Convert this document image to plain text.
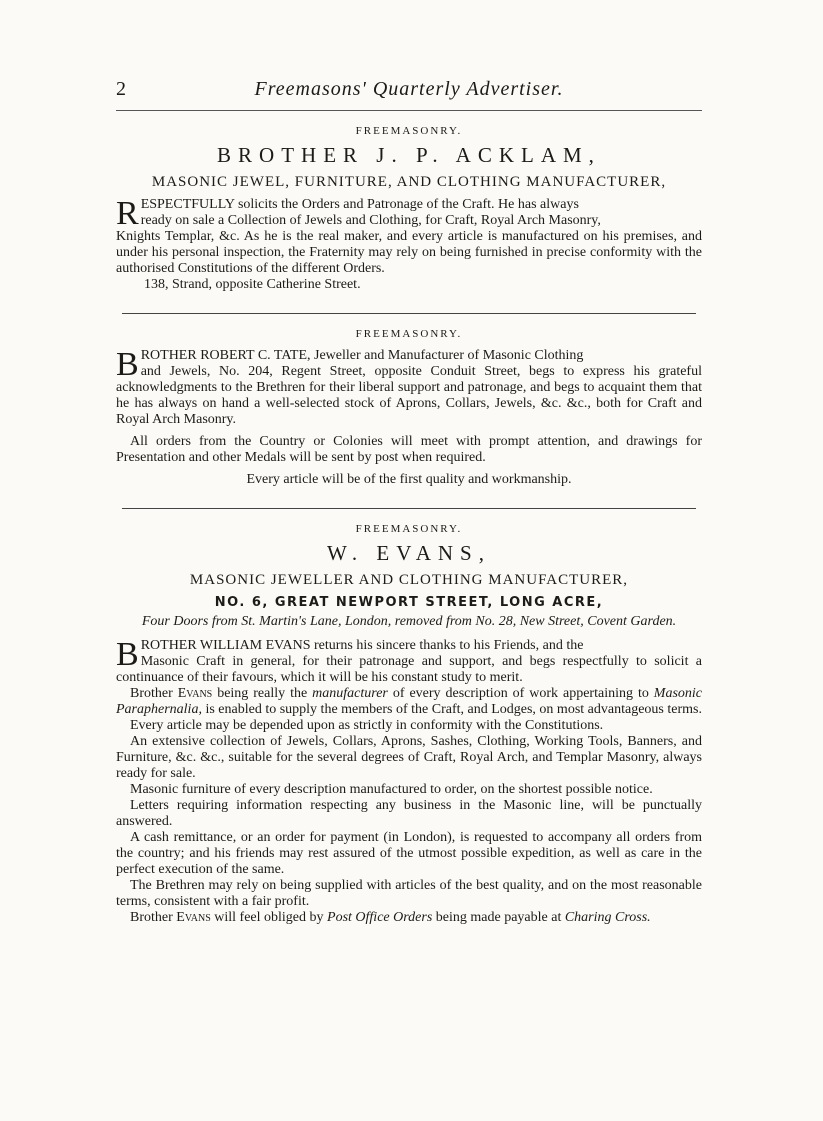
2	Freemasons' Quarterly Advertiser.
FREEMASONRY.
BROTHER J. P. ACKLAM,
MASONIC JEWEL, FURNITURE, AND CLOTHING MANUFACTURER,
R ESPECTFULLY solicits the Orders and Patronage of the Craft. He has always

ready on sale a Collection of Jewels and Clothing, for Craft, Royal Arch Masonry,

Knights Templar, &c. As he is the real maker, and every article is manufactured on his premises, and under his personal inspection, the Fraternity may rely on being furnished in precise conformity with the authorised Constitutions of the different Orders.

138, Strand, opposite Catherine Street.

FREEMASONRY.
B ROTHER ROBERT C. TATE, Jeweller and Manufacturer of Masonic Clothing

and Jewels, No. 204, Regent Street, opposite Conduit Street, begs to express his grateful acknowledgments to the Brethren for their liberal support and patronage, and begs to acquaint them that he has always on hand a well-selected stock of Aprons, Collars, Jewels, &c. &c., both for Craft and Royal Arch Masonry.

All orders from the Country or Colonies will meet with prompt attention, and drawings for Presentation and other Medals will be sent by post when required.

Every article will be of the first quality and workmanship.

FREEMASONRY.
W. EVANS,
MASONIC JEWELLER AND CLOTHING MANUFACTURER,
NO. 6, GREAT NEWPORT STREET, LONG ACRE,

Four Doors from St. Martin's Lane, London, removed from No. 28, New Street, Covent Garden.

B ROTHER WILLIAM EVANS returns his sincere thanks to his Friends, and the

Masonic Craft in general, for their patronage and support, and begs respectfully to solicit a continuance of their favours, which it will be his constant study to merit.

Brother Evans being really the manufacturer of every description of work appertaining to Masonic Paraphernalia, is enabled to supply the members of the Craft, and Lodges, on most advantageous terms.

Every article may be depended upon as strictly in conformity with the Constitutions.

An extensive collection of Jewels, Collars, Aprons, Sashes, Clothing, Working Tools, Banners, and Furniture, &c. &c., suitable for the several degrees of Craft, Royal Arch, and Templar Masonry, always ready for sale.

Masonic furniture of every description manufactured to order, on the shortest possible notice.

Letters requiring information respecting any business in the Masonic line, will be punctually answered.

A cash remittance, or an order for payment (in London), is requested to accompany all orders from the country; and his friends may rest assured of the utmost possible expedition, as well as care in the perfect execution of the same.

The Brethren may rely on being supplied with articles of the best quality, and on the most reasonable terms, consistent with a fair profit.

Brother Evans will feel obliged by Post Office Orders being made payable at Charing Cross.
